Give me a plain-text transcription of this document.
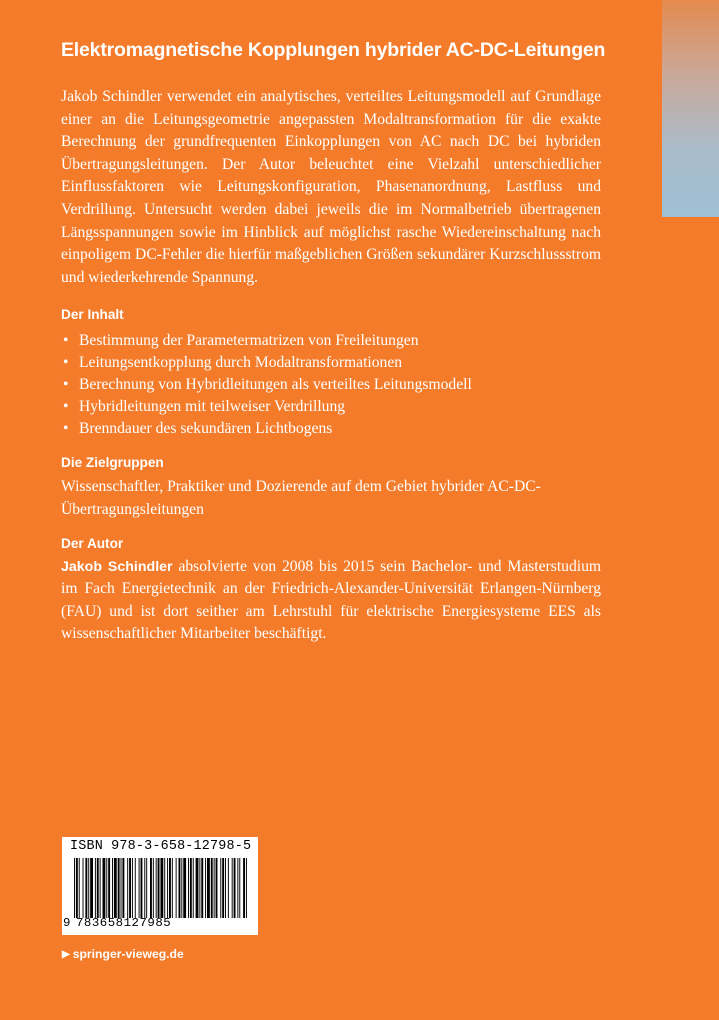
Elektromagnetische Kopplungen hybrider AC-DC-Leitungen

Jakob Schindler verwendet ein analytisches, verteiltes Leitungsmodell auf Grundlage einer an die Leitungsgeometrie angepassten Modaltransformation für die exakte Berechnung der grundfrequenten Einkopplungen von AC nach DC bei hybriden Übertragungsleitungen. Der Autor beleuchtet eine Vielzahl unterschiedlicher Einflussfaktoren wie Leitungskonfiguration, Phasenanordnung, Lastfluss und Verdrillung. Untersucht werden dabei jeweils die im Normalbetrieb übertragenen Längsspannungen sowie im Hinblick auf möglichst rasche Wiedereinschaltung nach einpoligem DC-Fehler die hierfür maßgeblichen Größen sekundärer Kurzschlussstrom und wiederkehrende Spannung.

Der Inhalt
• Bestimmung der Parametermatrizen von Freileitungen
• Leitungsentkopplung durch Modaltransformationen
• Berechnung von Hybridleitungen als verteiltes Leitungsmodell
• Hybridleitungen mit teilweiser Verdrillung
• Brenndauer des sekundären Lichtbogens
Die Zielgruppen

Wissenschaftler, Praktiker und Dozierende auf dem Gebiet hybrider AC-DC-Übertragungsleitungen

Der Autor

Jakob Schindler absolvierte von 2008 bis 2015 sein Bachelor- und Masterstudium im Fach Energietechnik an der Friedrich-Alexander-Universität Erlangen-Nürnberg (FAU) und ist dort seither am Lehrstuhl für elektrische Energiesysteme EES als wissenschaftlicher Mitarbeiter beschäftigt.

ISBN 978-3-658-12798-5
9 783658127985
▶ springer-vieweg.de
